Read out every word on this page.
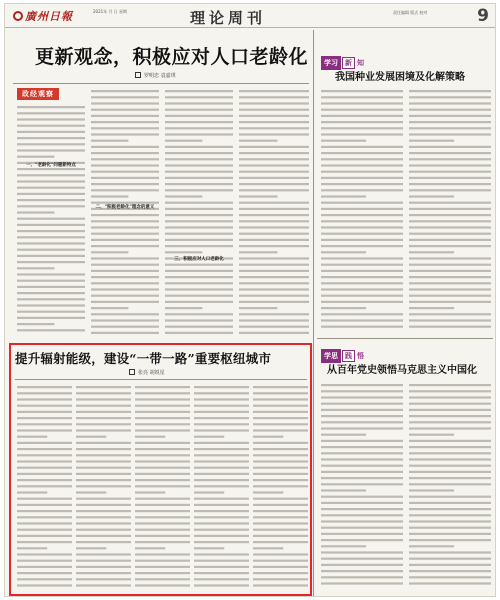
廣州日報	2021年 月 日 星期	理论周刊	责任编辑 版式 校对	9
更新观念，积极应对人口老龄化
罗明忠 袁嘉琪
政经观察
一、"老龄化"问题新特点
二、"积极老龄化"理念的意义
三、积极应对人口老龄化
学习 新 知
我国种业发展困境及化解策略
学思 践 悟
从百年党史领悟马克思主义中国化
提升辐射能级，建设“一带一路”重要枢纽城市
张亮 胡锐星
